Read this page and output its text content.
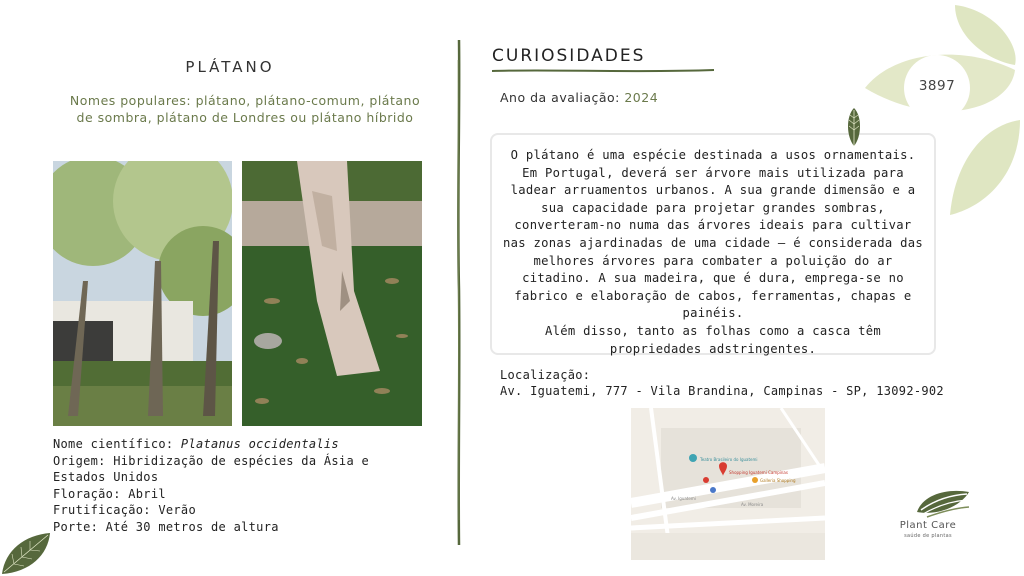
PLÁTANO
Nomes populares: plátano, plátano-comum, plátano de sombra, plátano de Londres ou plátano híbrido
Nome científico: Platanus occidentalis
Origem: Hibridização de espécies da Ásia e Estados Unidos
Floração: Abril
Frutificação: Verão
Porte: Até 30 metros de altura
CURIOSIDADES
Ano da avaliação: 2024
O plátano é uma espécie destinada a usos ornamentais. Em Portugal, deverá ser árvore mais utilizada para ladear arruamentos urbanos. A sua grande dimensão e a sua capacidade para projetar grandes sombras, converteram-no numa das árvores ideais para cultivar nas zonas ajardinadas de uma cidade – é considerada das melhores árvores para combater a poluição do ar citadino. A sua madeira, que é dura, emprega-se no fabrico e elaboração de cabos, ferramentas, chapas e painéis.
Além disso, tanto as folhas como a casca têm propriedades adstringentes.
Localização:
Av. Iguatemi, 777 - Vila Brandina, Campinas - SP, 13092-902
Teatro Brasileiro do Iguatemi
Shopping Iguatemi Campinas
Galleria Shopping
Av. Iguatemi
Av. Moreira
3897
Plant Care
saúde de plantas
